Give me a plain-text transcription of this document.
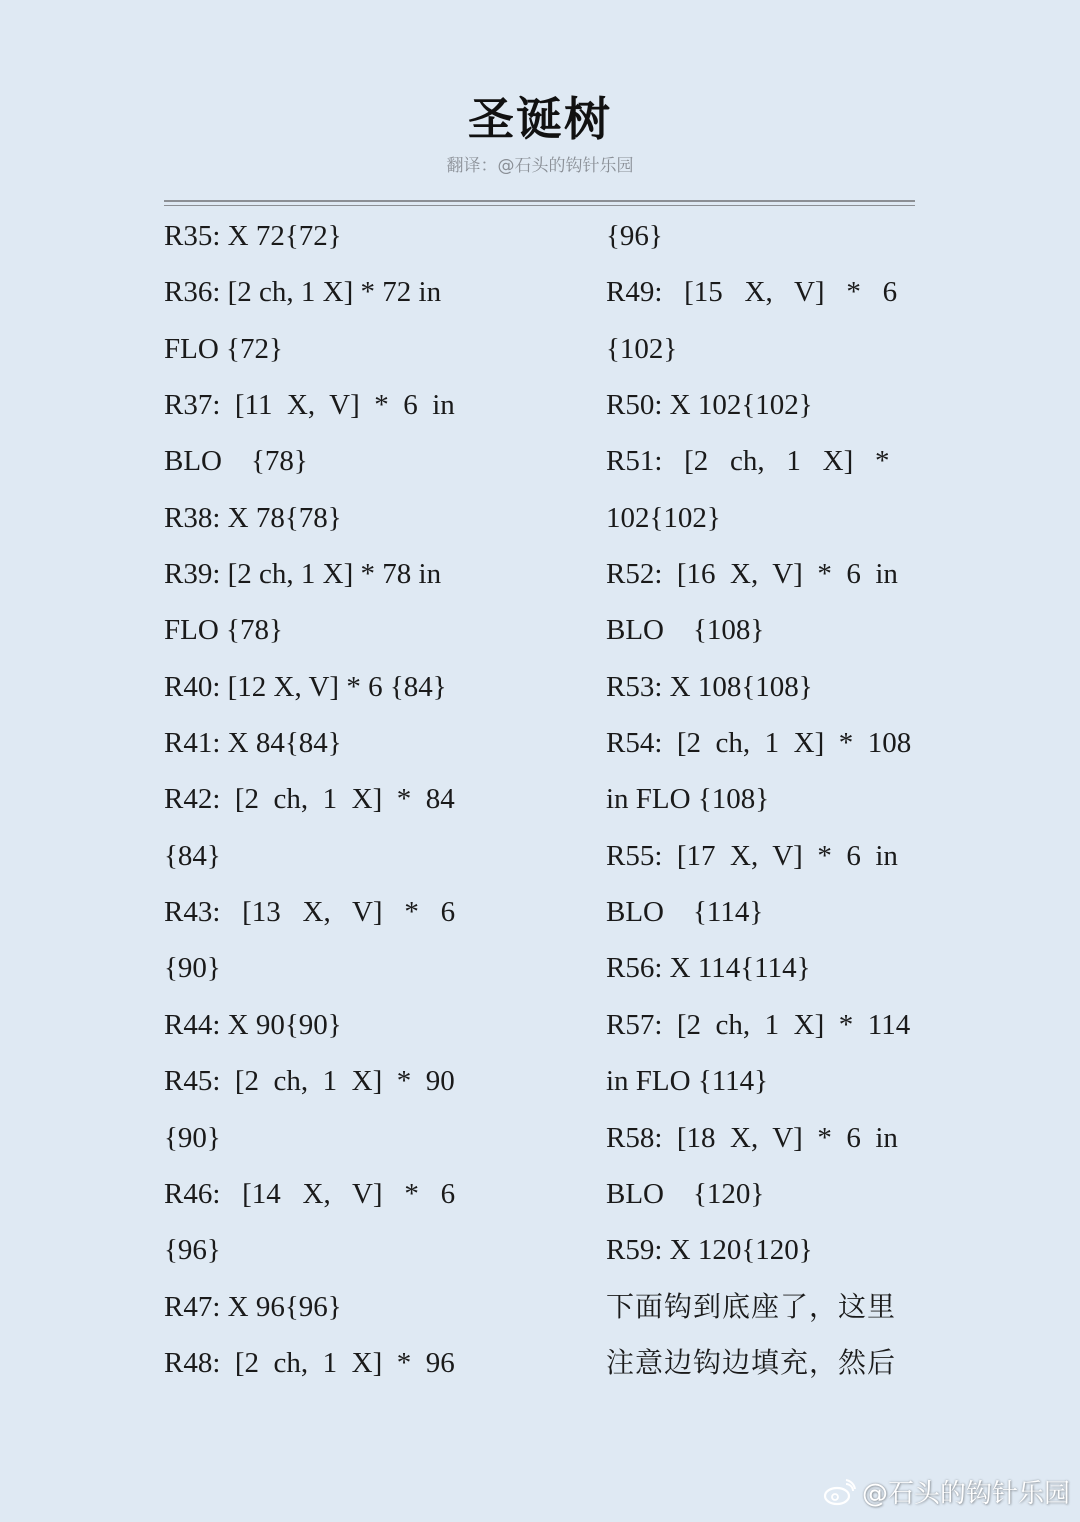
圣诞树
翻译：@石头的钩针乐园
R35: X 72{72}
R36: [2 ch, 1 X] * 72 in
FLO {72}
R37:  [11  X,  V]  *  6  in
BLO    {78}
R38: X 78{78}
R39: [2 ch, 1 X] * 78 in
FLO {78}
R40: [12 X, V] * 6 {84}
R41: X 84{84}
R42:  [2  ch,  1  X]  *  84
{84}
R43:   [13   X,   V]   *   6
{90}
R44: X 90{90}
R45:  [2  ch,  1  X]  *  90
{90}
R46:   [14   X,   V]   *   6
{96}
R47: X 96{96}
R48:  [2  ch,  1  X]  *  96
{96}
R49:   [15   X,   V]   *   6
{102}
R50: X 102{102}
R51:   [2   ch,   1   X]   *
102{102}
R52:  [16  X,  V]  *  6  in
BLO    {108}
R53: X 108{108}
R54:  [2  ch,  1  X]  *  108
in FLO {108}
R55:  [17  X,  V]  *  6  in
BLO    {114}
R56: X 114{114}
R57:  [2  ch,  1  X]  *  114
in FLO {114}
R58:  [18  X,  V]  *  6  in
BLO    {120}
R59: X 120{120}
下面钩到底座了，这里
注意边钩边填充，然后
@石头的钩针乐园
